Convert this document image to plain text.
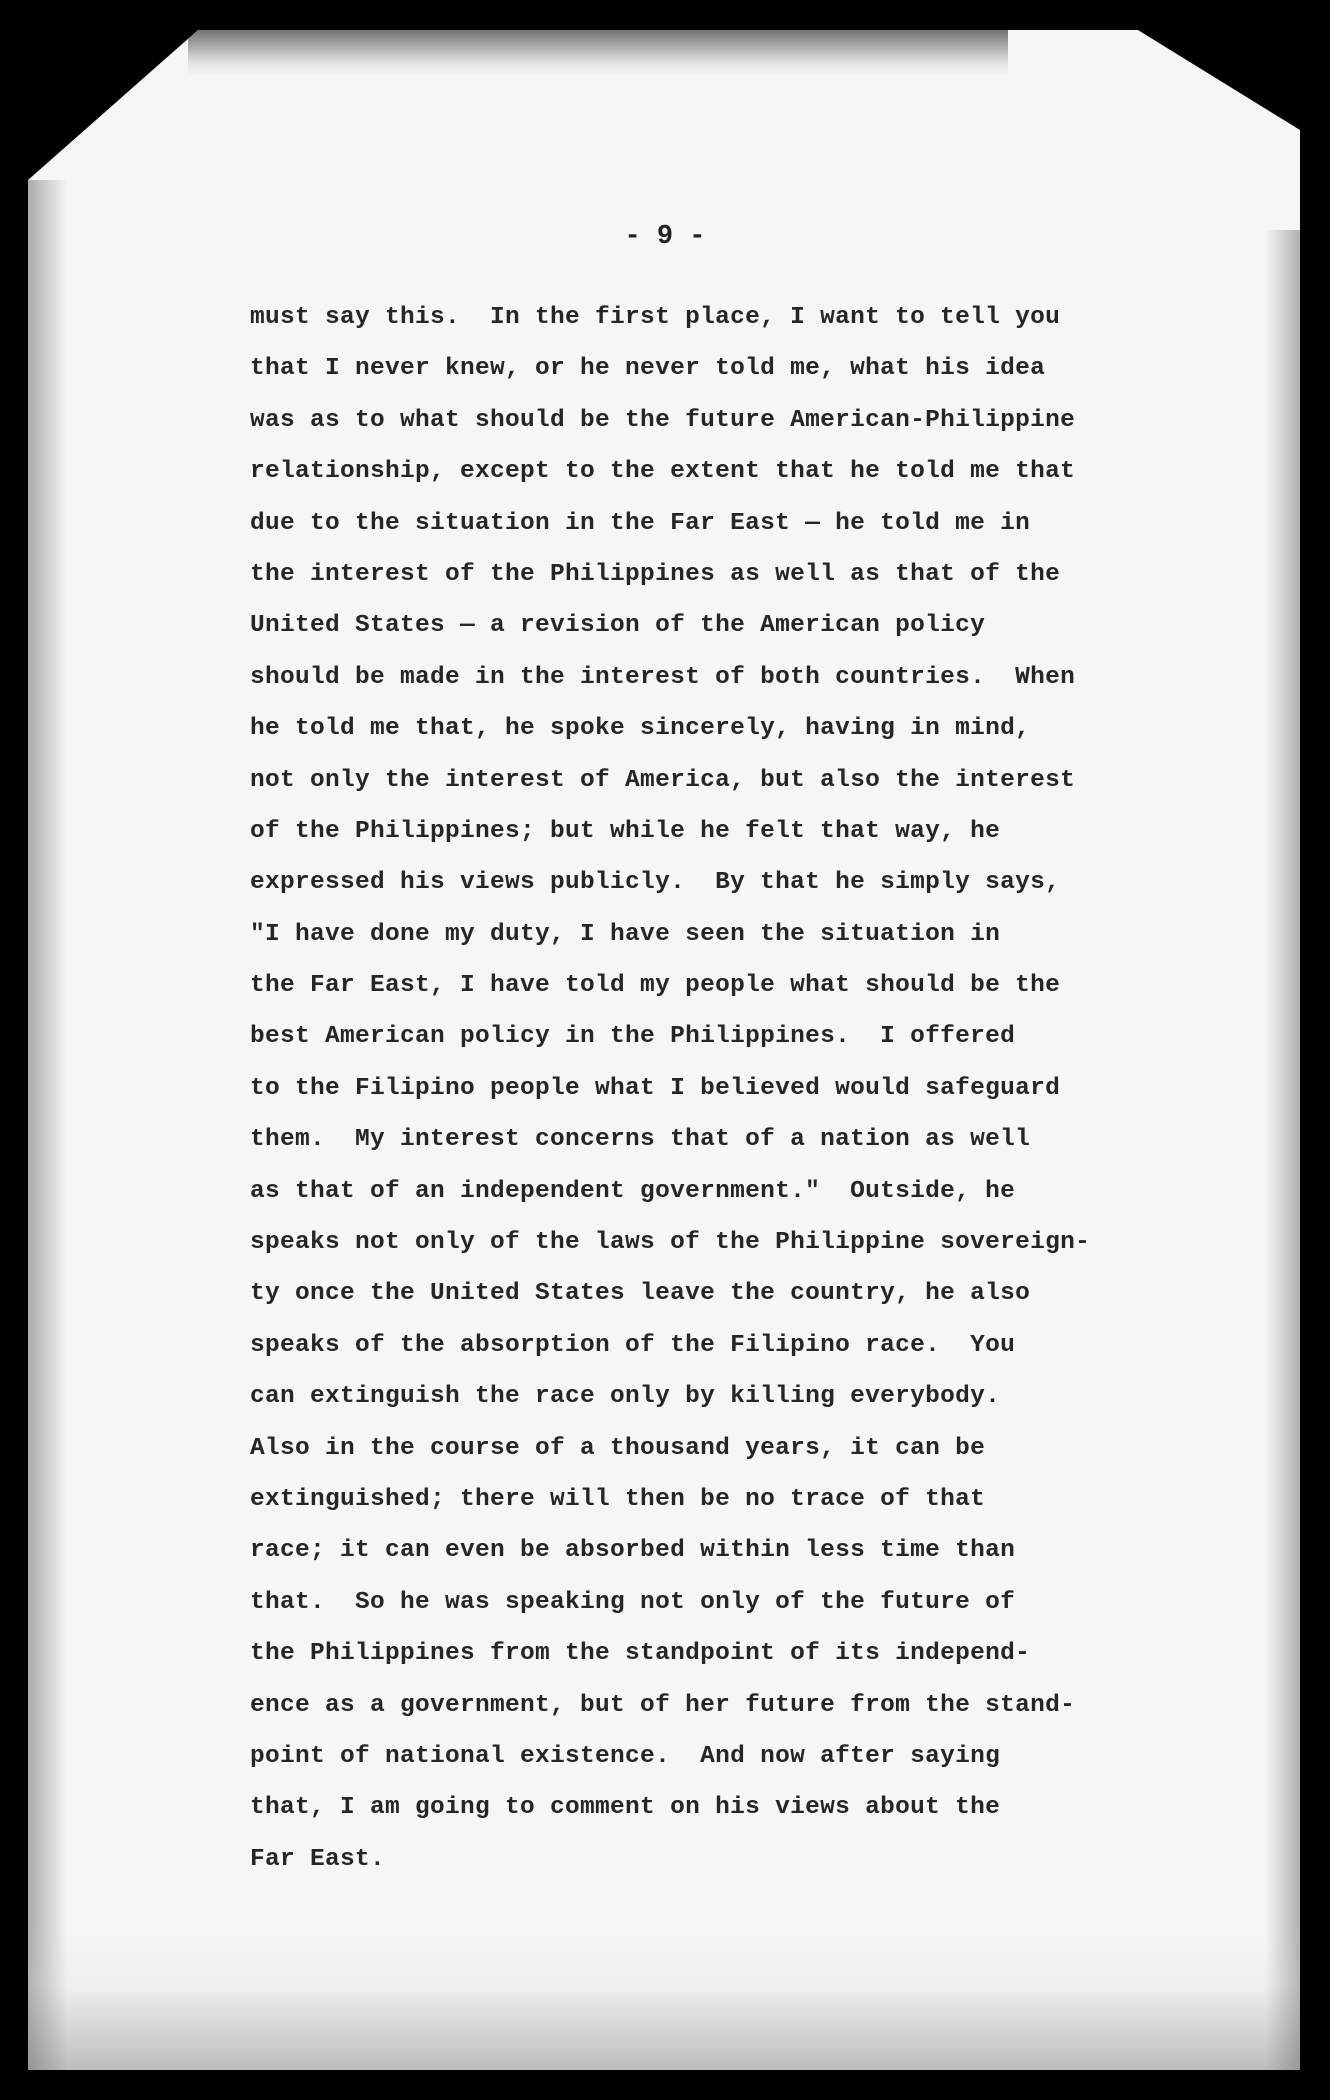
- 9 -
must say this.  In the first place, I want to tell you
that I never knew, or he never told me, what his idea
was as to what should be the future American-Philippine
relationship, except to the extent that he told me that
due to the situation in the Far East — he told me in
the interest of the Philippines as well as that of the
United States — a revision of the American policy
should be made in the interest of both countries.  When
he told me that, he spoke sincerely, having in mind,
not only the interest of America, but also the interest
of the Philippines; but while he felt that way, he
expressed his views publicly.  By that he simply says,
"I have done my duty, I have seen the situation in
the Far East, I have told my people what should be the
best American policy in the Philippines.  I offered
to the Filipino people what I believed would safeguard
them.  My interest concerns that of a nation as well
as that of an independent government."  Outside, he
speaks not only of the laws of the Philippine sovereign-
ty once the United States leave the country, he also
speaks of the absorption of the Filipino race.  You
can extinguish the race only by killing everybody.
Also in the course of a thousand years, it can be
extinguished; there will then be no trace of that
race; it can even be absorbed within less time than
that.  So he was speaking not only of the future of
the Philippines from the standpoint of its independ-
ence as a government, but of her future from the stand-
point of national existence.  And now after saying
that, I am going to comment on his views about the
Far East.
